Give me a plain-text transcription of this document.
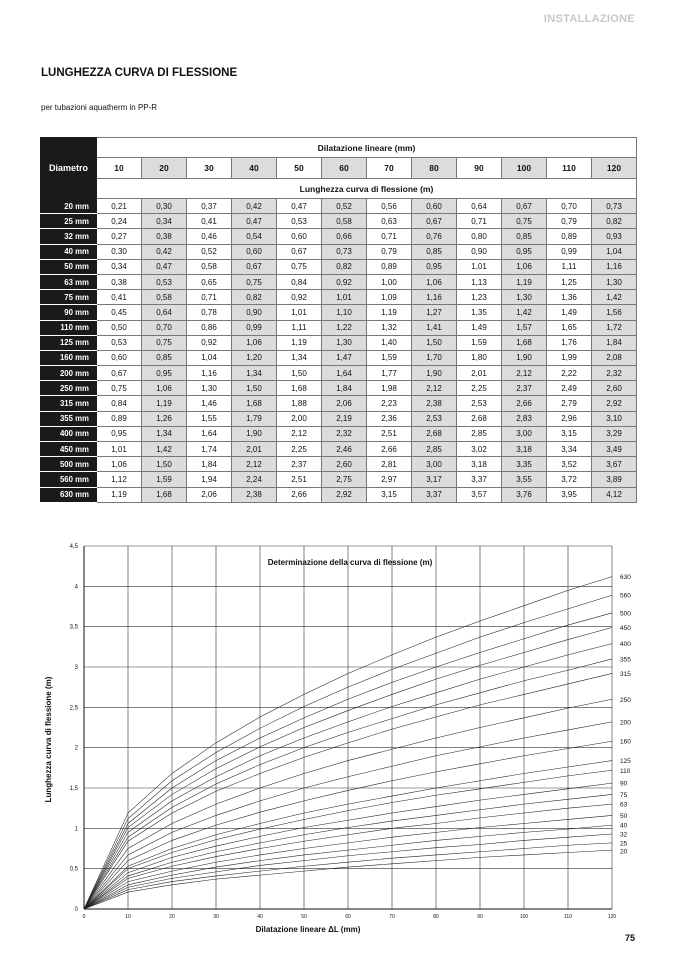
INSTALLAZIONE
LUNGHEZZA CURVA DI FLESSIONE
per tubazioni aquatherm in PP-R
Diametro	Dilatazione lineare (mm)											
	10	20	30	40	50	60	70	80	90	100	110	120
	Lunghezza curva di flessione (m)											
20 mm	0,21	0,30	0,37	0,42	0,47	0,52	0,56	0,60	0,64	0,67	0,70	0,73
25 mm	0,24	0,34	0,41	0,47	0,53	0,58	0,63	0,67	0,71	0,75	0,79	0,82
32 mm	0,27	0,38	0,46	0,54	0,60	0,66	0,71	0,76	0,80	0,85	0,89	0,93
40 mm	0,30	0,42	0,52	0,60	0,67	0,73	0,79	0,85	0,90	0,95	0,99	1,04
50 mm	0,34	0,47	0,58	0,67	0,75	0,82	0,89	0,95	1,01	1,06	1,11	1,16
63 mm	0,38	0,53	0,65	0,75	0,84	0,92	1,00	1,06	1,13	1,19	1,25	1,30
75 mm	0,41	0,58	0,71	0,82	0,92	1,01	1,09	1,16	1,23	1,30	1,36	1,42
90 mm	0,45	0,64	0,78	0,90	1,01	1,10	1,19	1,27	1,35	1,42	1,49	1,56
110 mm	0,50	0,70	0,86	0,99	1,11	1,22	1,32	1,41	1,49	1,57	1,65	1,72
125 mm	0,53	0,75	0,92	1,06	1,19	1,30	1,40	1,50	1,59	1,68	1,76	1,84
160 mm	0,60	0,85	1,04	1,20	1,34	1,47	1,59	1,70	1,80	1,90	1,99	2,08
200 mm	0,67	0,95	1,16	1,34	1,50	1,64	1,77	1,90	2,01	2,12	2,22	2,32
250 mm	0,75	1,06	1,30	1,50	1,68	1,84	1,98	2,12	2,25	2,37	2,49	2,60
315 mm	0,84	1,19	1,46	1,68	1,88	2,06	2,23	2,38	2,53	2,66	2,79	2,92
355 mm	0,89	1,26	1,55	1,79	2,00	2,19	2,36	2,53	2,68	2,83	2,96	3,10
400 mm	0,95	1,34	1,64	1,90	2,12	2,32	2,51	2,68	2,85	3,00	3,15	3,29
450 mm	1,01	1,42	1,74	2,01	2,25	2,46	2,66	2,85	3,02	3,18	3,34	3,49
500 mm	1,06	1,50	1,84	2,12	2,37	2,60	2,81	3,00	3,18	3,35	3,52	3,67
560 mm	1,12	1,59	1,94	2,24	2,51	2,75	2,97	3,17	3,37	3,55	3,72	3,89
630 mm	1,19	1,68	2,06	2,38	2,66	2,92	3,15	3,37	3,57	3,76	3,95	4,12
0	10	20	30	40	50	60	70	80	90	100	110	120
0
0,5
1
1,5
2
2,5
3
3,5
4
4,5
20
25
32
40
50
63
75
90
110
125
160
200
250
315
355
400
450
500
560
630
Determinazione della curva di flessione (m)
Dilatazione lineare ΔL (mm)
Lunghezza curva di flessione (m)
75
